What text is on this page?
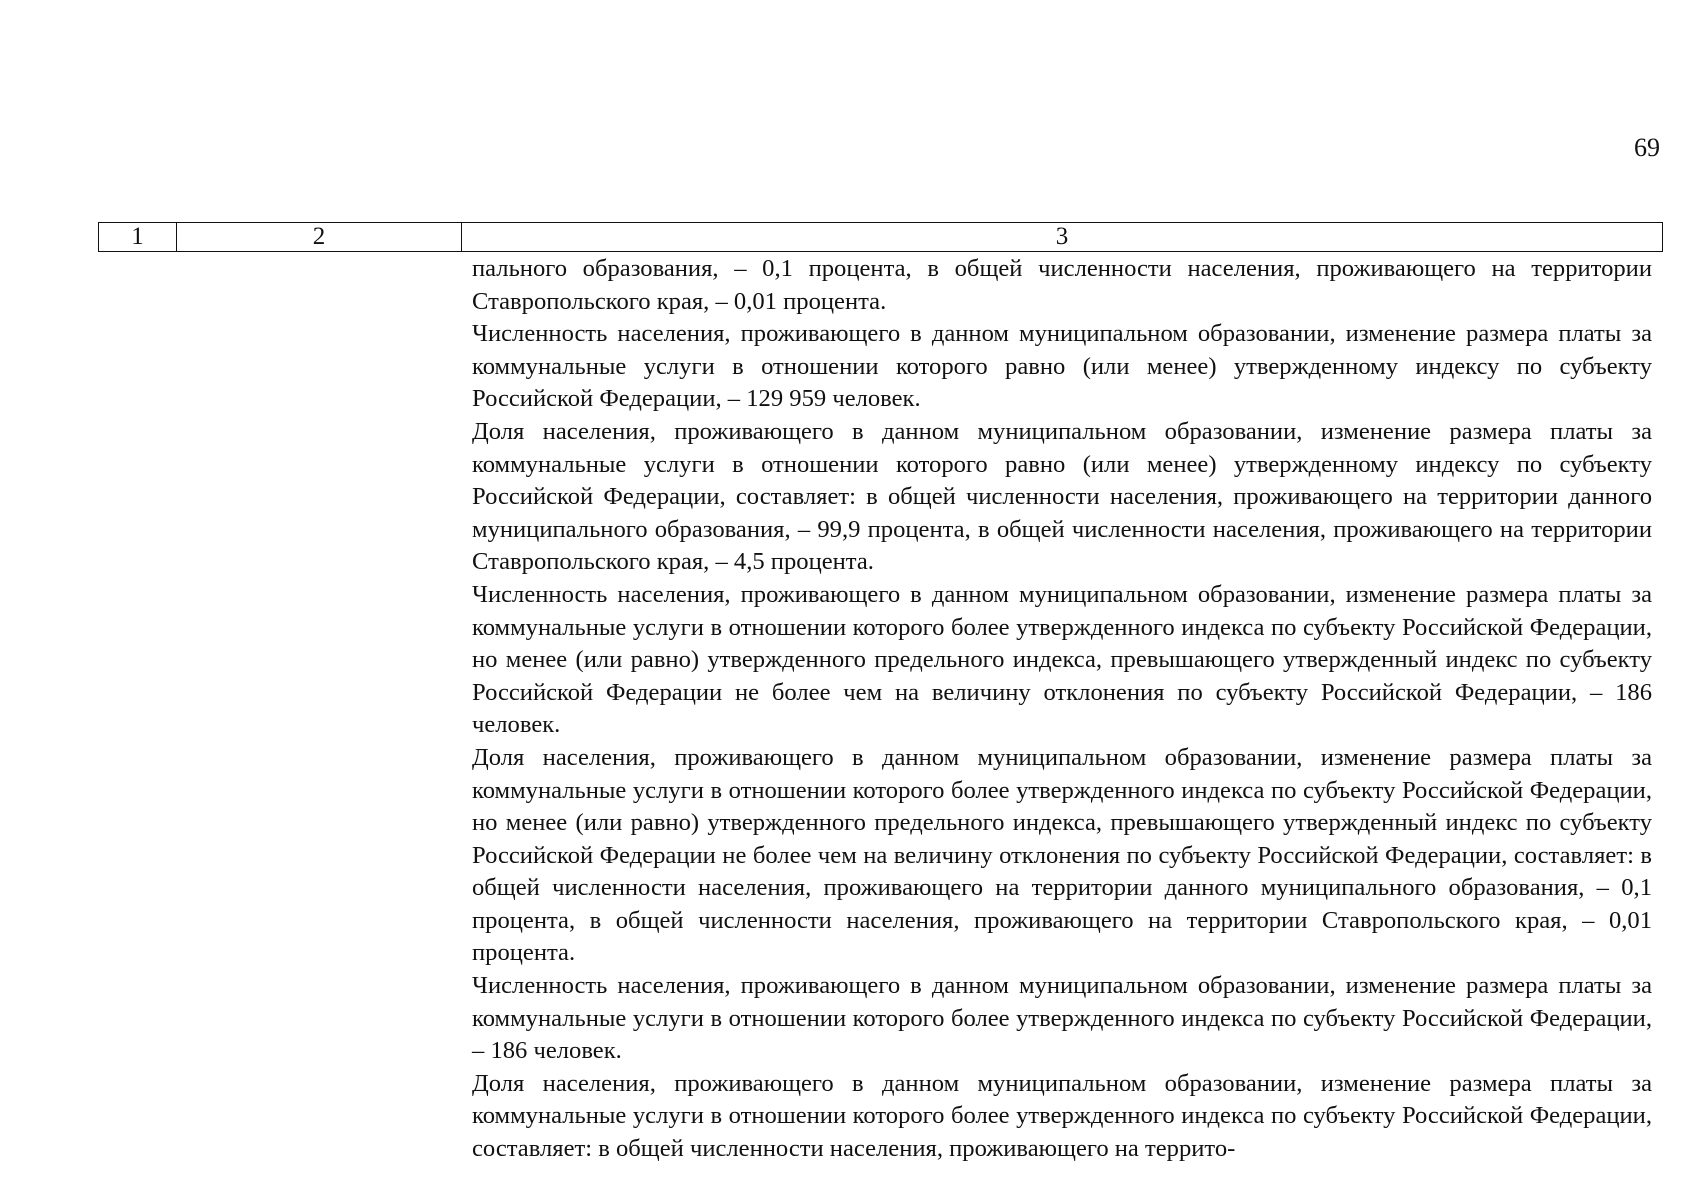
69
1	2	3

пального образования, – 0,1 процента, в общей численности населения, проживающего на территории Ставропольского края, – 0,01 процента.

Численность населения, проживающего в данном муниципальном образовании, изменение размера платы за коммунальные услуги в отношении которого равно (или менее) утвержденному индексу по субъекту Российской Федерации, – 129 959 человек.

Доля населения, проживающего в данном муниципальном образовании, изменение размера платы за коммунальные услуги в отношении которого равно (или менее) утвержденному индексу по субъекту Российской Федерации, составляет: в общей численности населения, проживающего на территории данного муниципального образования, – 99,9 процента, в общей численности населения, проживающего на территории Ставропольского края, – 4,5 процента.

Численность населения, проживающего в данном муниципальном образовании, изменение размера платы за коммунальные услуги в отношении которого более утвержденного индекса по субъекту Российской Федерации, но менее (или равно) утвержденного предельного индекса, превышающего утвержденный индекс по субъекту Российской Федерации не более чем на величину отклонения по субъекту Российской Федерации, – 186 человек.

Доля населения, проживающего в данном муниципальном образовании, изменение размера платы за коммунальные услуги в отношении которого более утвержденного индекса по субъекту Российской Федерации, но менее (или равно) утвержденного предельного индекса, превышающего утвержденный индекс по субъекту Российской Федерации не более чем на величину отклонения по субъекту Российской Федерации, составляет: в общей численности населения, проживающего на территории данного муниципального образования, – 0,1 процента, в общей численности населения, проживающего на территории Ставропольского края, – 0,01 процента.

Численность населения, проживающего в данном муниципальном образовании, изменение размера платы за коммунальные услуги в отношении которого более утвержденного индекса по субъекту Российской Федерации, – 186 человек.

Доля населения, проживающего в данном муниципальном образовании, изменение размера платы за коммунальные услуги в отношении которого более утвержденного индекса по субъекту Российской Федерации, составляет: в общей численности населения, проживающего на террито-
